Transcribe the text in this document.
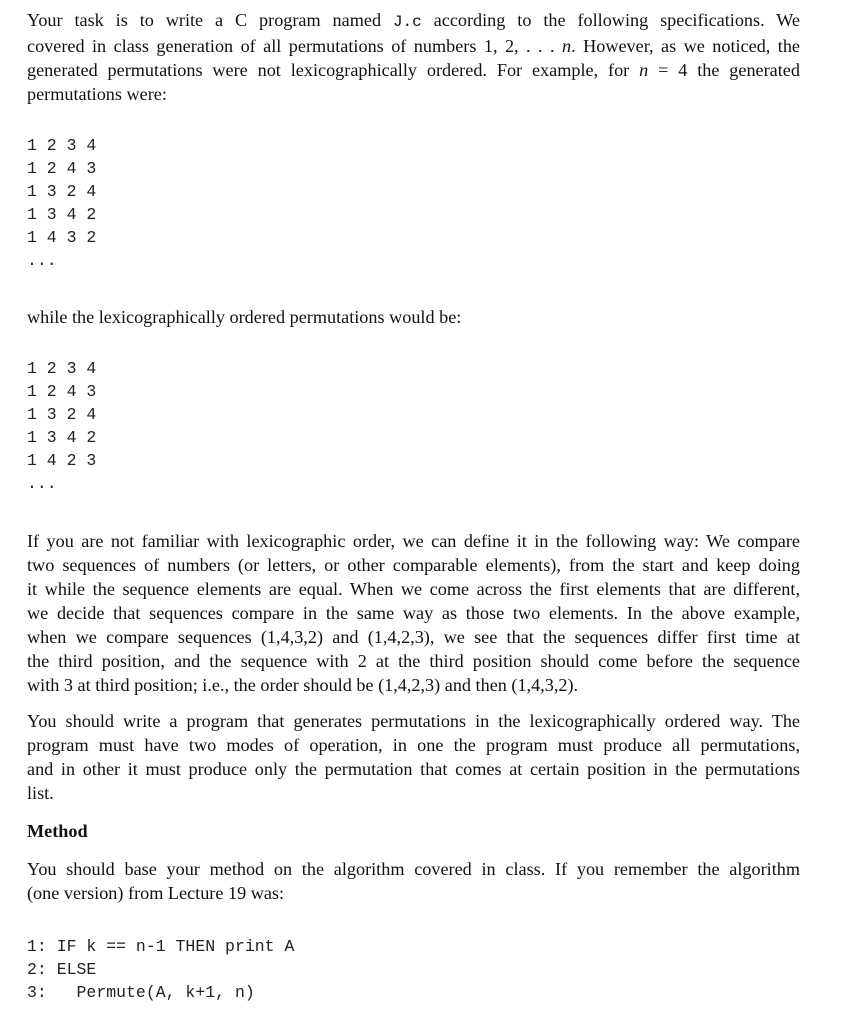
Your task is to write a C program named J.c according to the following specifications. We
covered in class generation of all permutations of numbers 1, 2, . . . n. However, as we noticed, the
generated permutations were not lexicographically ordered. For example, for n = 4 the generated
permutations were:
1 2 3 4
1 2 4 3
1 3 2 4
1 3 4 2
1 4 3 2
...
while the lexicographically ordered permutations would be:
1 2 3 4
1 2 4 3
1 3 2 4
1 3 4 2
1 4 2 3
...
If you are not familiar with lexicographic order, we can define it in the following way: We compare
two sequences of numbers (or letters, or other comparable elements), from the start and keep doing
it while the sequence elements are equal. When we come across the first elements that are different,
we decide that sequences compare in the same way as those two elements. In the above example,
when we compare sequences (1,4,3,2) and (1,4,2,3), we see that the sequences differ first time at
the third position, and the sequence with 2 at the third position should come before the sequence
with 3 at third position; i.e., the order should be (1,4,2,3) and then (1,4,3,2).
You should write a program that generates permutations in the lexicographically ordered way. The
program must have two modes of operation, in one the program must produce all permutations,
and in other it must produce only the permutation that comes at certain position in the permutations
list.
Method
You should base your method on the algorithm covered in class. If you remember the algorithm
(one version) from Lecture 19 was:
1: IF k == n-1 THEN print A
2: ELSE
3:   Permute(A, k+1, n)
